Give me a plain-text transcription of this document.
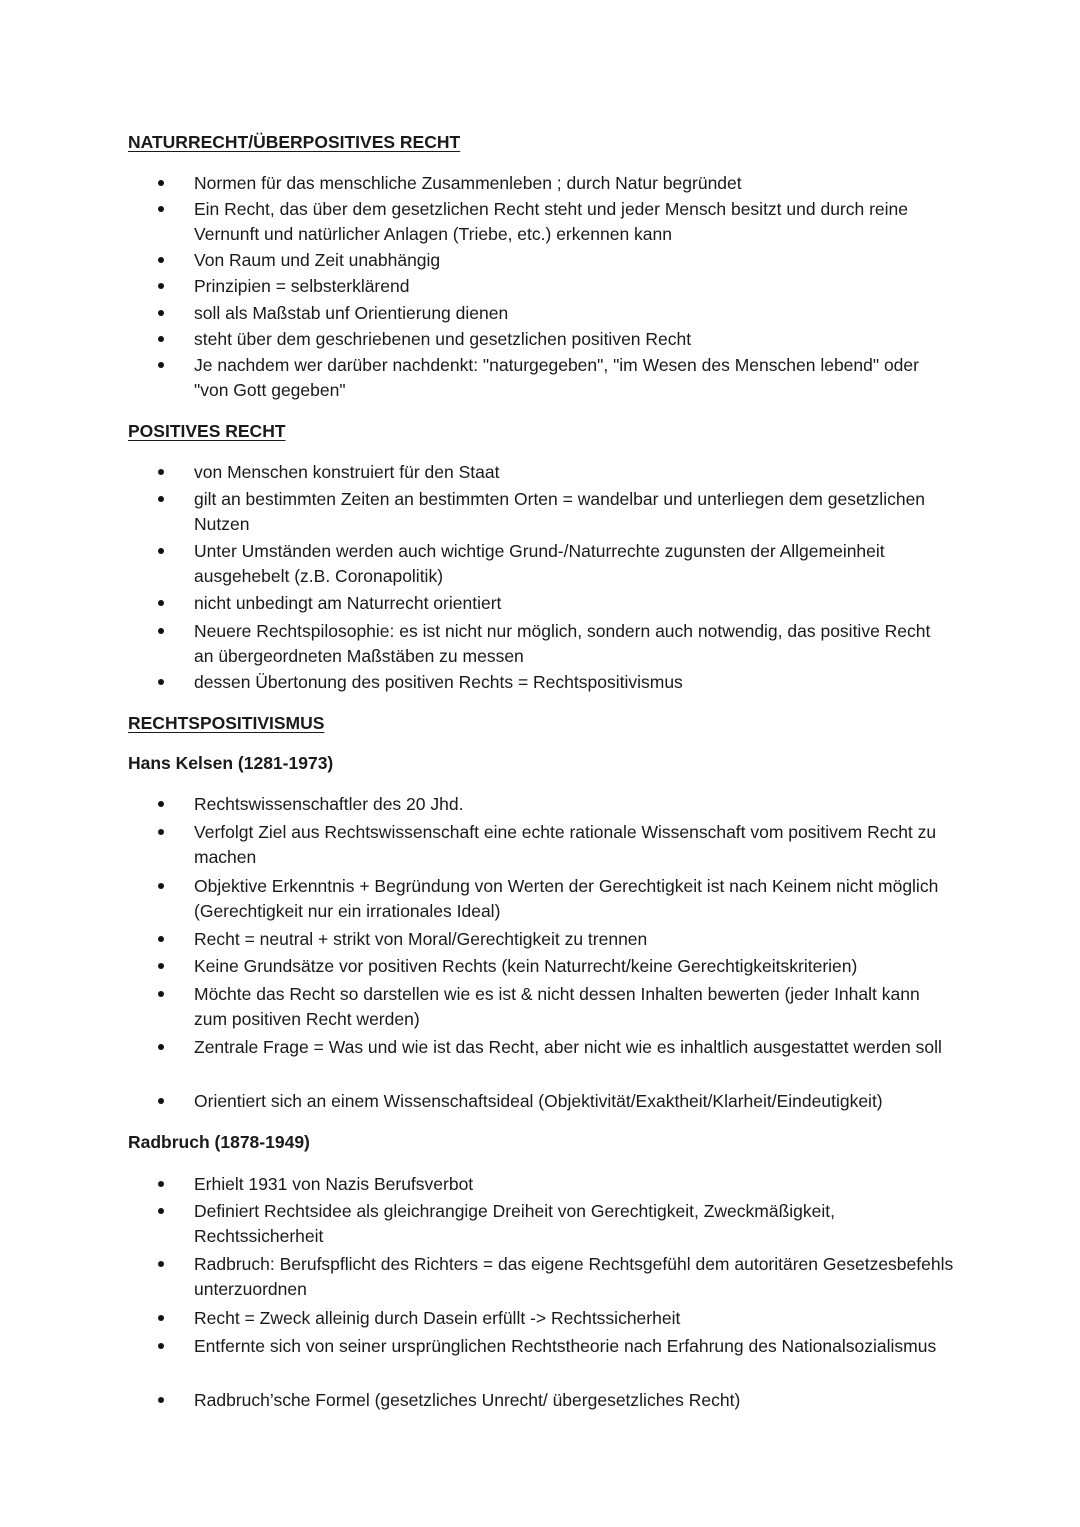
NATURRECHT/ÜBERPOSITIVES RECHT
Normen für das menschliche Zusammenleben ; durch Natur begründet
Ein Recht, das über dem gesetzlichen Recht steht und jeder Mensch besitzt und durch reine Vernunft und natürlicher Anlagen (Triebe, etc.) erkennen kann
Von Raum und Zeit unabhängig
Prinzipien = selbsterklärend
soll als Maßstab unf Orientierung dienen
steht über dem geschriebenen und gesetzlichen positiven Recht
Je nachdem wer darüber nachdenkt: "naturgegeben", "im Wesen des Menschen lebend" oder "von Gott gegeben"
POSITIVES RECHT
von Menschen konstruiert für den Staat
gilt an bestimmten Zeiten an bestimmten Orten = wandelbar und unterliegen dem gesetzlichen Nutzen
Unter Umständen werden auch wichtige Grund-/Naturrechte zugunsten der Allgemeinheit ausgehebelt (z.B. Coronapolitik)
nicht unbedingt am Naturrecht orientiert
Neuere Rechtspilosophie: es ist nicht nur möglich, sondern auch notwendig, das positive Recht an übergeordneten Maßstäben zu messen
dessen Übertonung des positiven Rechts = Rechtspositivismus
RECHTSPOSITIVISMUS
Hans Kelsen (1281-1973)
Rechtswissenschaftler des 20 Jhd.
Verfolgt Ziel aus Rechtswissenschaft eine echte rationale Wissenschaft vom positivem Recht zu machen
Objektive Erkenntnis + Begründung von Werten der Gerechtigkeit ist nach Keinem nicht möglich (Gerechtigkeit nur ein irrationales Ideal)
Recht = neutral + strikt von Moral/Gerechtigkeit zu trennen
Keine Grundsätze vor positiven Rechts (kein Naturrecht/keine Gerechtigkeitskriterien)
Möchte das Recht so darstellen wie es ist & nicht dessen Inhalten bewerten (jeder Inhalt kann zum positiven Recht werden)
Zentrale Frage = Was und wie ist das Recht, aber nicht wie es inhaltlich ausgestattet werden soll
Orientiert sich an einem Wissenschaftsideal (Objektivität/Exaktheit/Klarheit/Eindeutigkeit)
Radbruch (1878-1949)
Erhielt 1931 von Nazis Berufsverbot
Definiert Rechtsidee als gleichrangige Dreiheit von Gerechtigkeit, Zweckmäßigkeit, Rechtssicherheit
Radbruch: Berufspflicht des Richters = das eigene Rechtsgefühl dem autoritären Gesetzesbefehls unterzuordnen
Recht = Zweck alleinig durch Dasein erfüllt -> Rechtssicherheit
Entfernte sich von seiner ursprünglichen Rechtstheorie nach Erfahrung des Nationalsozialismus
Radbruch’sche Formel (gesetzliches Unrecht/ übergesetzliches Recht)
